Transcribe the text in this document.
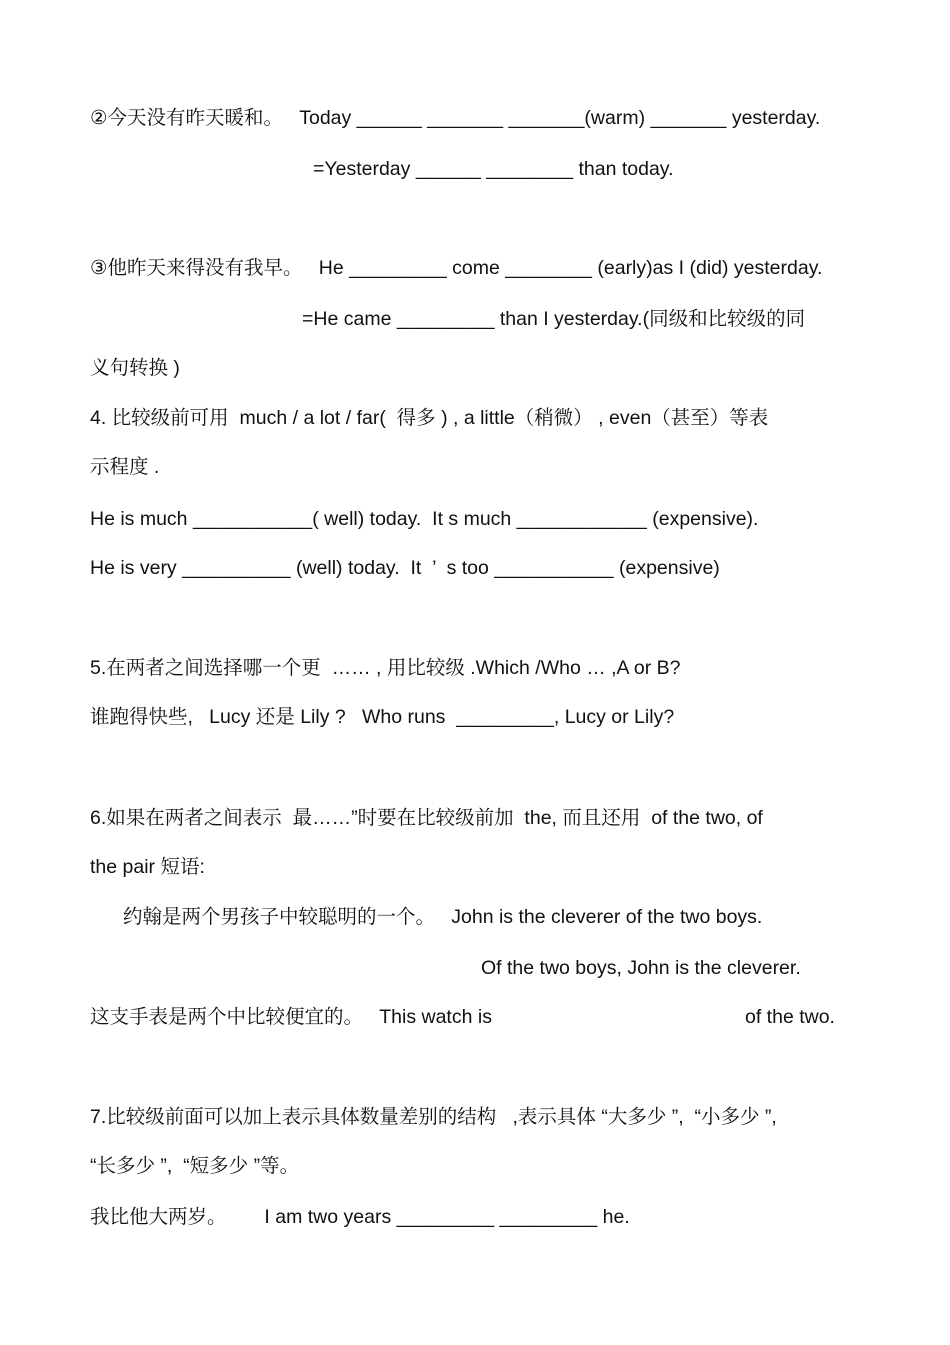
②今天没有昨天暖和。   Today ______ _______ _______(warm) _______ yesterday.
=Yesterday ______ ________ than today.
③他昨天来得没有我早。   He _________ come ________ (early)as I (did) yesterday.
=He came _________ than I yesterday.(同级和比较级的同
义句转换 )
4. 比较级前可用  much / a lot / far(  得多 ) , a little（稍微） , even（甚至）等表
示程度 .
He is much ___________( well) today.  It s much ____________ (expensive).
He is very __________ (well) today.  It  ’  s too ___________ (expensive)
5.在两者之间选择哪一个更  …… , 用比较级 .Which /Who … ,A or B?
谁跑得快些,   Lucy 还是 Lily ?   Who runs  _________, Lucy or Lily?
6.如果在两者之间表示  最……”时要在比较级前加  the, 而且还用  of the two, of
the pair 短语:
约翰是两个男孩子中较聪明的一个。   John is the cleverer of the two boys.
Of the two boys, John is the cleverer.
这支手表是两个中比较便宜的。   This watch is	of the two.
7.比较级前面可以加上表示具体数量差别的结构   ,表示具体 “大多少 ”,  “小多少 ”,
“长多少 ”,  “短多少 ”等。
我比他大两岁。       I am two years _________ _________ he.
